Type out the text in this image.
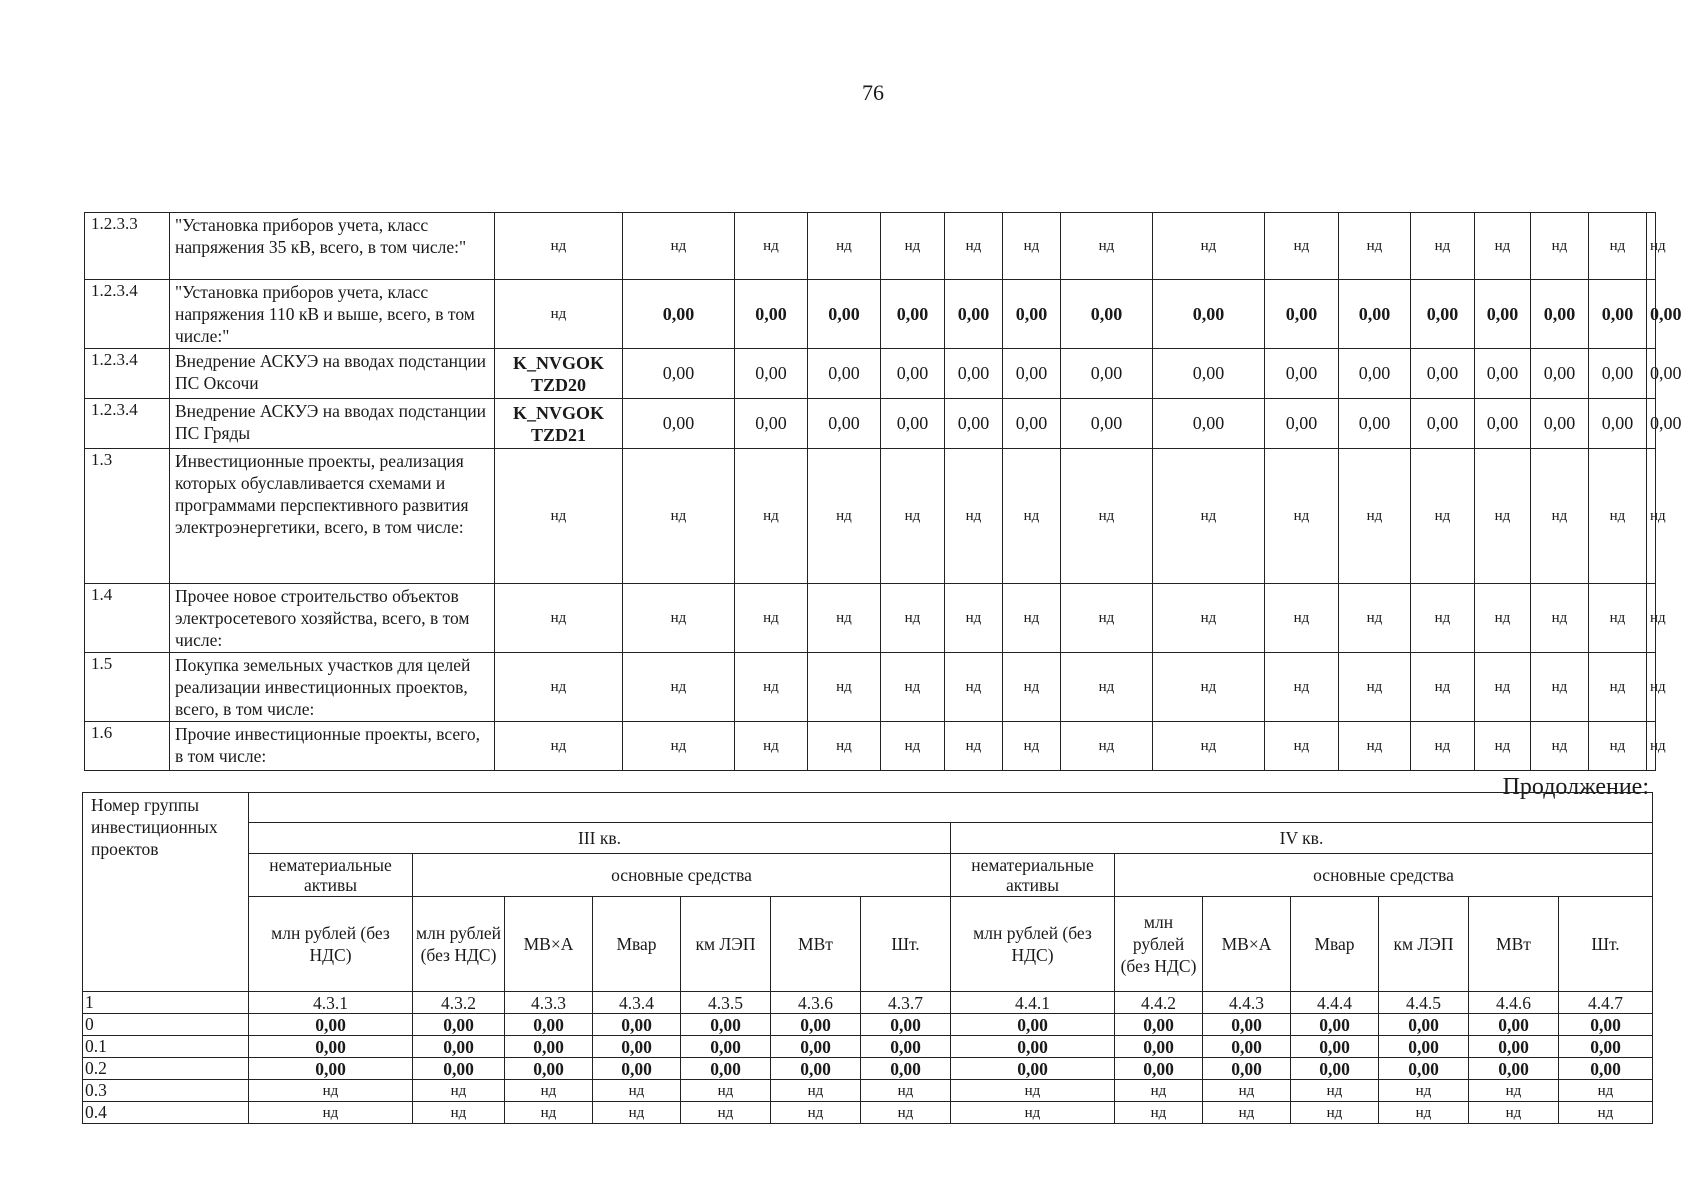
76
1.2.3.3	"Установка приборов учета, класс напряжения 35 кВ, всего, в том числе:"	нд	нд	нд	нд	нд	нд	нд	нд	нд	нд	нд	нд	нд	нд	нд	нд
1.2.3.4	"Установка приборов учета, класс напряжения 110 кВ и выше, всего, в том числе:"	нд	0,00	0,00	0,00	0,00	0,00	0,00	0,00	0,00	0,00	0,00	0,00	0,00	0,00	0,00	0,00
1.2.3.4	Внедрение АСКУЭ на вводах подстанции ПС Оксочи	K_NVGOK TZD20	0,00	0,00	0,00	0,00	0,00	0,00	0,00	0,00	0,00	0,00	0,00	0,00	0,00	0,00	0,00
1.2.3.4	Внедрение АСКУЭ на вводах подстанции ПС Гряды	K_NVGOK TZD21	0,00	0,00	0,00	0,00	0,00	0,00	0,00	0,00	0,00	0,00	0,00	0,00	0,00	0,00	0,00
1.3	Инвестиционные проекты, реализация которых обуславливается схемами и программами перспективного развития электроэнергетики, всего, в том числе:	нд	нд	нд	нд	нд	нд	нд	нд	нд	нд	нд	нд	нд	нд	нд	нд
1.4	Прочее новое строительство объектов электросетевого хозяйства, всего, в том числе:	нд	нд	нд	нд	нд	нд	нд	нд	нд	нд	нд	нд	нд	нд	нд	нд
1.5	Покупка земельных участков для целей реализации инвестиционных проектов, всего, в том числе:	нд	нд	нд	нд	нд	нд	нд	нд	нд	нд	нд	нд	нд	нд	нд	нд
1.6	Прочие инвестиционные проекты, всего, в том числе:	нд	нд	нд	нд	нд	нд	нд	нд	нд	нд	нд	нд	нд	нд	нд	нд
Продолжение:
Номер группы инвестиционных проектов														
	III кв.							IV кв.						
	нематериальные активы	основные средства						нематериальные активы	основные средства					
	млн рублей (без НДС)	млн рублей (без НДС)	МВ×А	Мвар	км ЛЭП	МВт	Шт.	млн рублей (без НДС)	млн рублей (без НДС)	МВ×А	Мвар	км ЛЭП	МВт	Шт.
1	4.3.1	4.3.2	4.3.3	4.3.4	4.3.5	4.3.6	4.3.7	4.4.1	4.4.2	4.4.3	4.4.4	4.4.5	4.4.6	4.4.7
0	0,00	0,00	0,00	0,00	0,00	0,00	0,00	0,00	0,00	0,00	0,00	0,00	0,00	0,00
0.1	0,00	0,00	0,00	0,00	0,00	0,00	0,00	0,00	0,00	0,00	0,00	0,00	0,00	0,00
0.2	0,00	0,00	0,00	0,00	0,00	0,00	0,00	0,00	0,00	0,00	0,00	0,00	0,00	0,00
0.3	нд	нд	нд	нд	нд	нд	нд	нд	нд	нд	нд	нд	нд	нд
0.4	нд	нд	нд	нд	нд	нд	нд	нд	нд	нд	нд	нд	нд	нд
